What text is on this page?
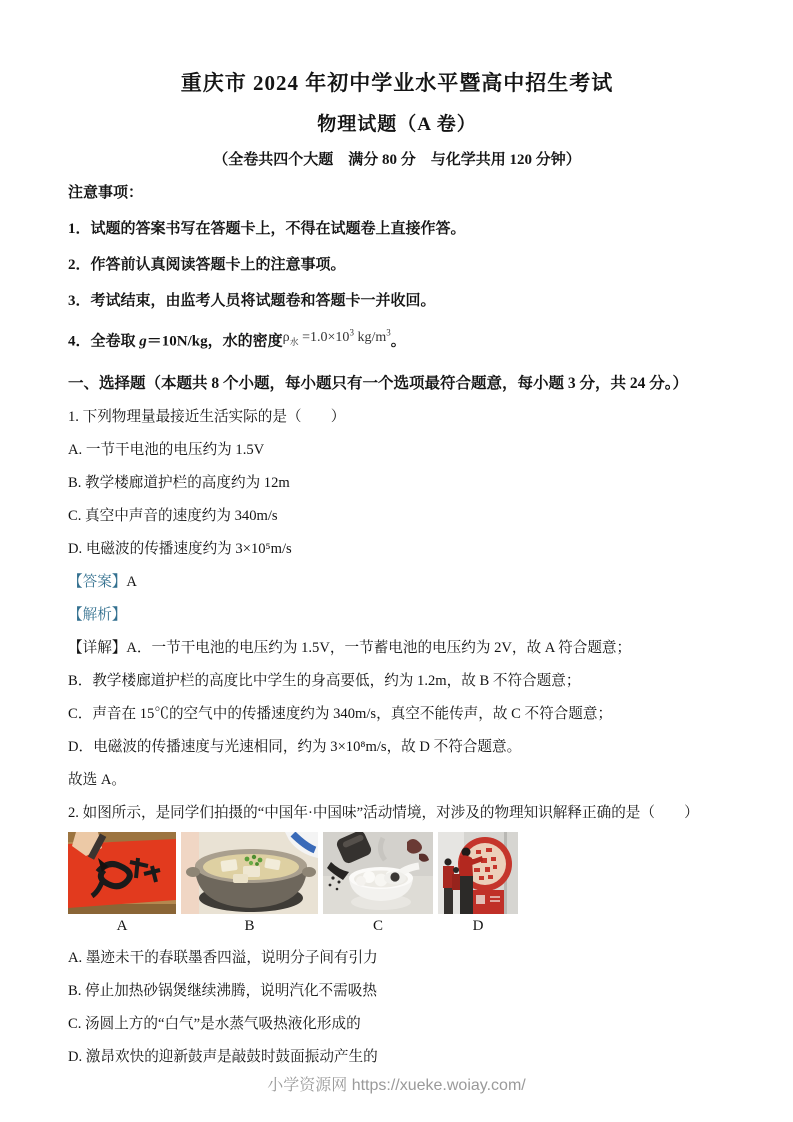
重庆市 2024 年初中学业水平暨高中招生考试
物理试题（A 卷）
（全卷共四个大题　满分 80 分　与化学共用 120 分钟）
注意事项：
1．试题的答案书写在答题卡上，不得在试题卷上直接作答。
2．作答前认真阅读答题卡上的注意事项。
3．考试结束，由监考人员将试题卷和答题卡一并收回。
4．全卷取 g＝10N/kg，水的密度$\rho_水 =1.0\times 10^3$ $kg/m^3$。
一、选择题（本题共 8 个小题，每小题只有一个选项最符合题意，每小题 3 分，共 24 分。）
1. 下列物理量最接近生活实际的是（　　）
A. 一节干电池的电压约为 1.5V
B. 教学楼廊道护栏的高度约为 12m
C. 真空中声音的速度约为 340m/s
D. 电磁波的传播速度约为 3×10⁵m/s
【答案】A
【解析】
【详解】A．一节干电池的电压约为 1.5V，一节蓄电池的电压约为 2V，故 A 符合题意；
B．教学楼廊道护栏的高度比中学生的身高要低，约为 1.2m，故 B 不符合题意；
C．声音在 15℃的空气中的传播速度约为 340m/s，真空不能传声，故 C 不符合题意；
D．电磁波的传播速度与光速相同，约为 3×10⁸m/s，故 D 不符合题意。
故选 A。
2. 如图所示，是同学们拍摄的“中国年·中国味”活动情境，对涉及的物理知识解释正确的是（　　）
A	B	C	D
A. 墨迹未干的春联墨香四溢，说明分子间有引力
B. 停止加热砂锅煲继续沸腾，说明汽化不需吸热
C. 汤圆上方的“白气”是水蒸气吸热液化形成的
D. 激昂欢快的迎新鼓声是敲鼓时鼓面振动产生的
小学资源网 https://xueke.woiay.com/
